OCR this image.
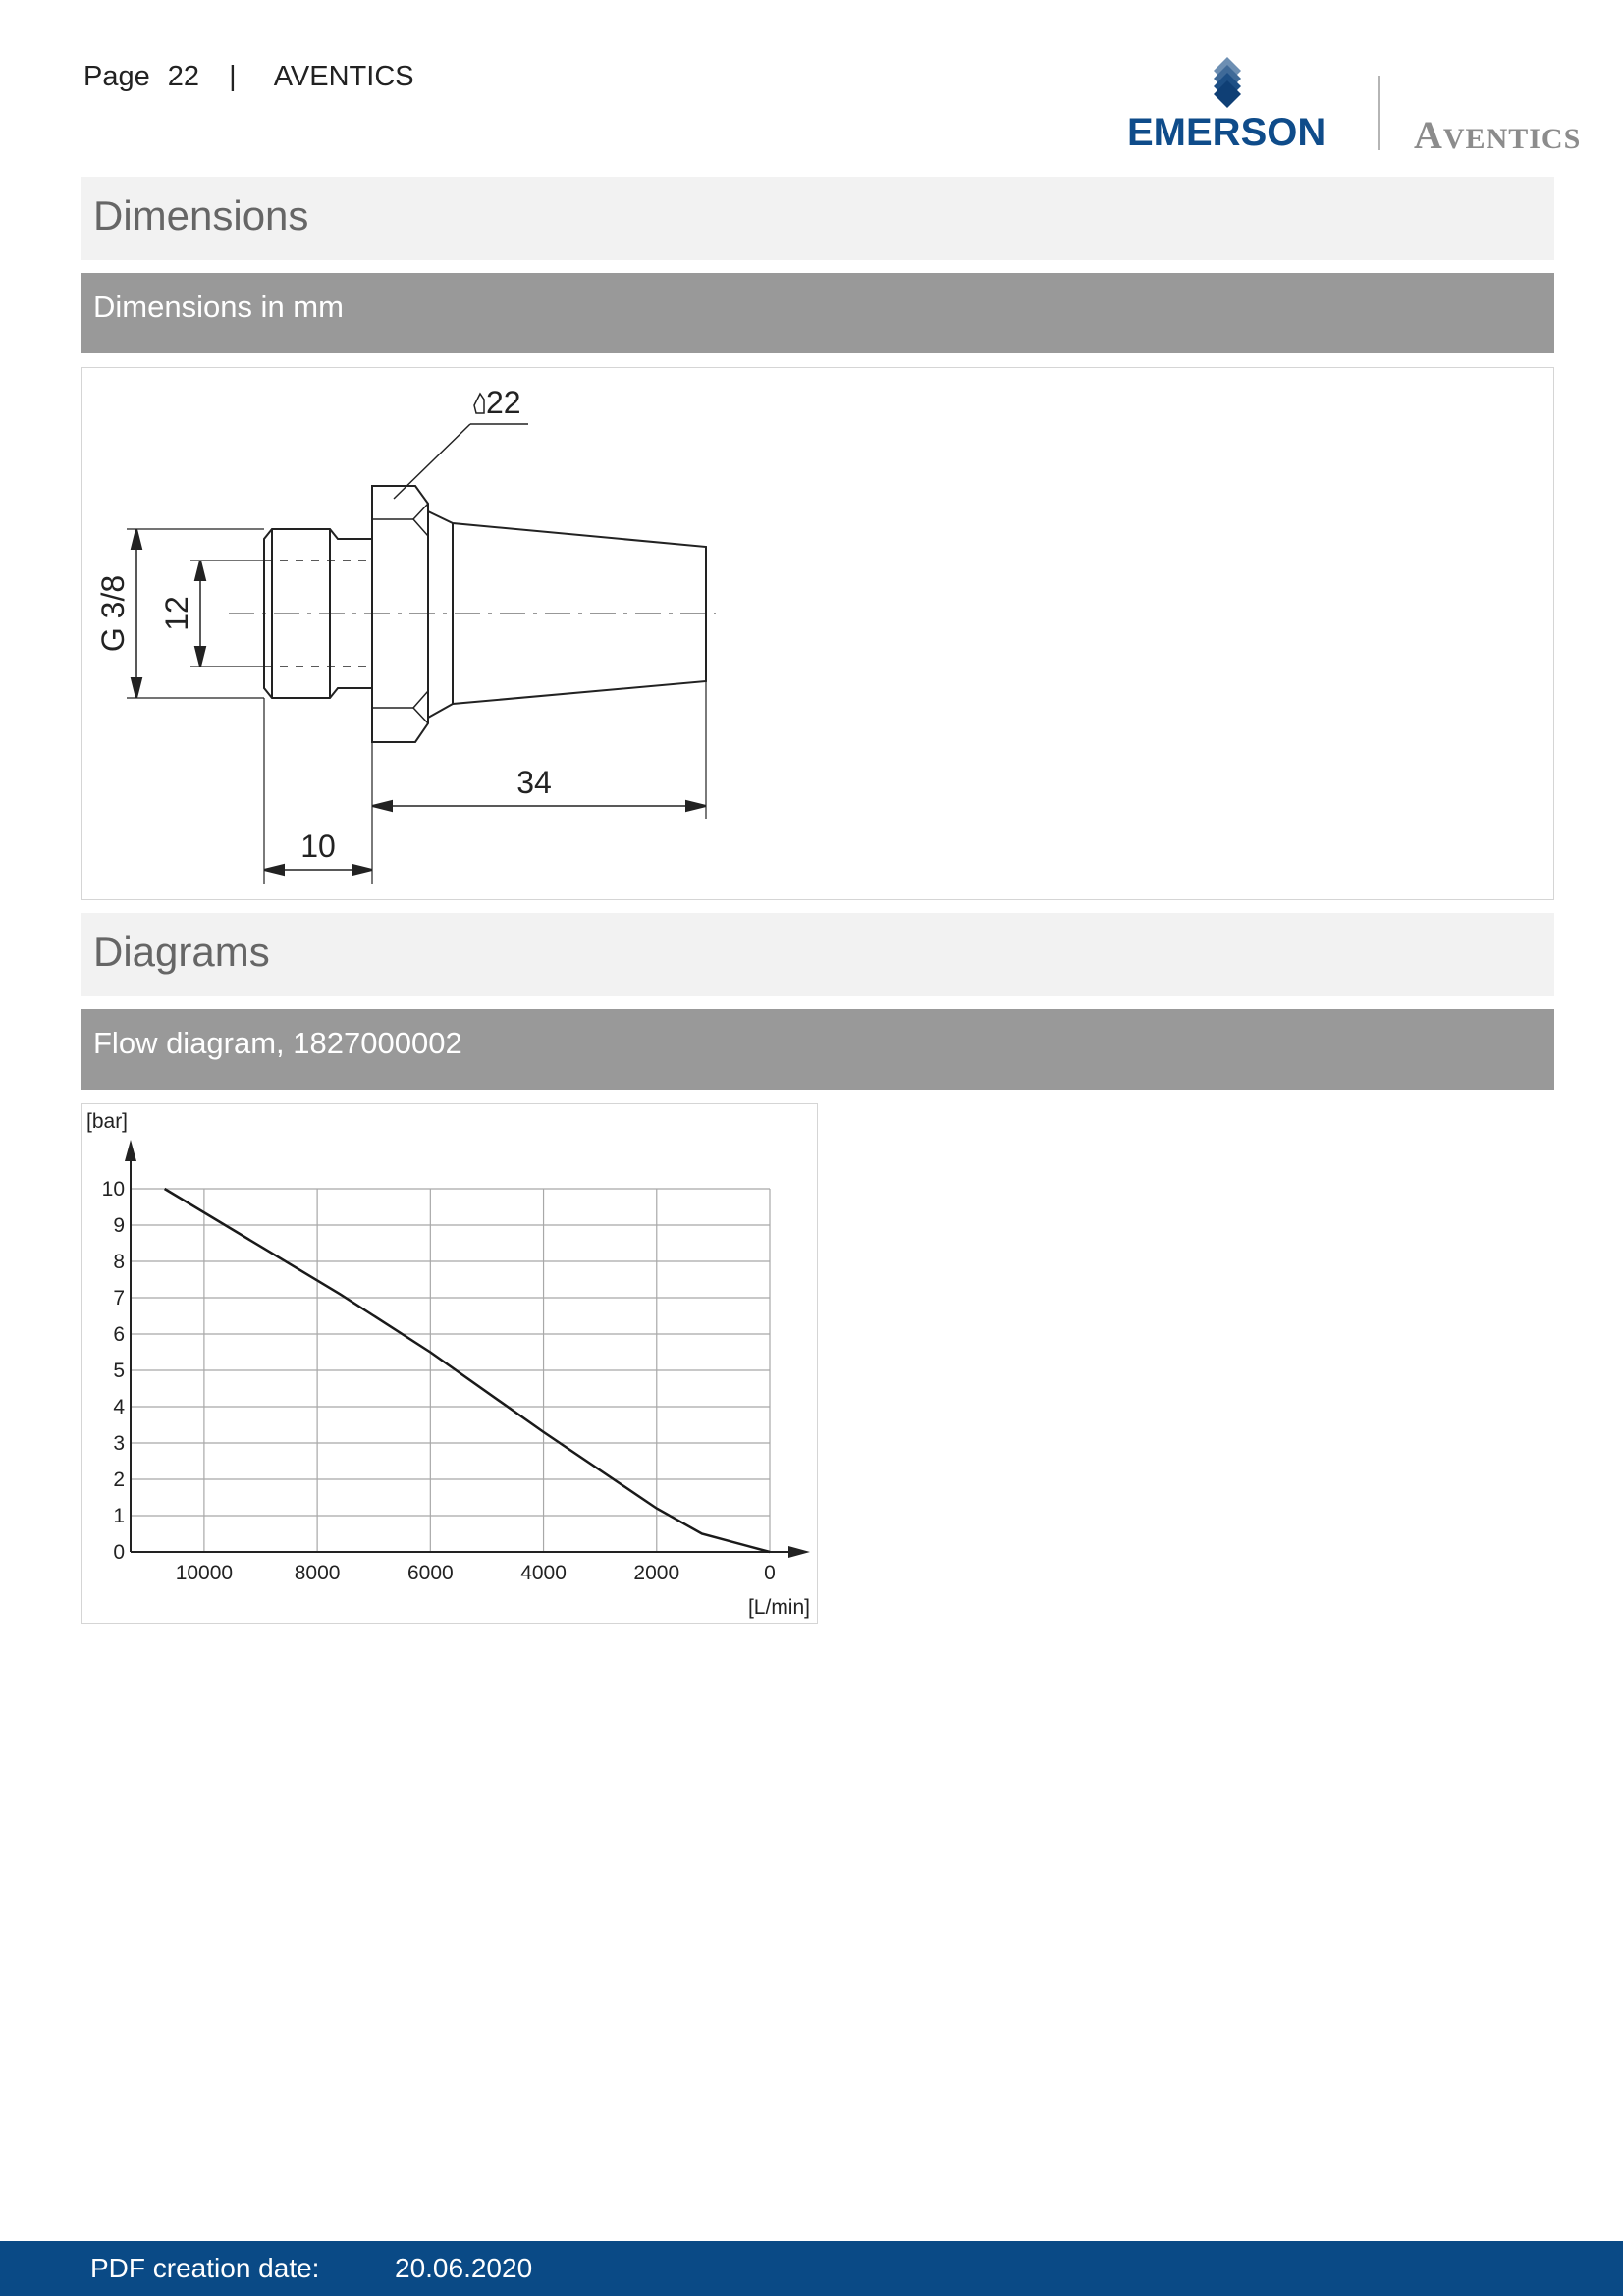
Page 22 | AVENTICS
EMERSON AVENTICS
Dimensions
Dimensions in mm
22
G 3/8 12
34
10
Diagrams
Flow diagram, 1827000002
0
1
2
3
4
5
6
7
8
9
10
10000	8000	6000	4000	2000	0
[bar]
[L/min]
PDF creation date:	20.06.2020
